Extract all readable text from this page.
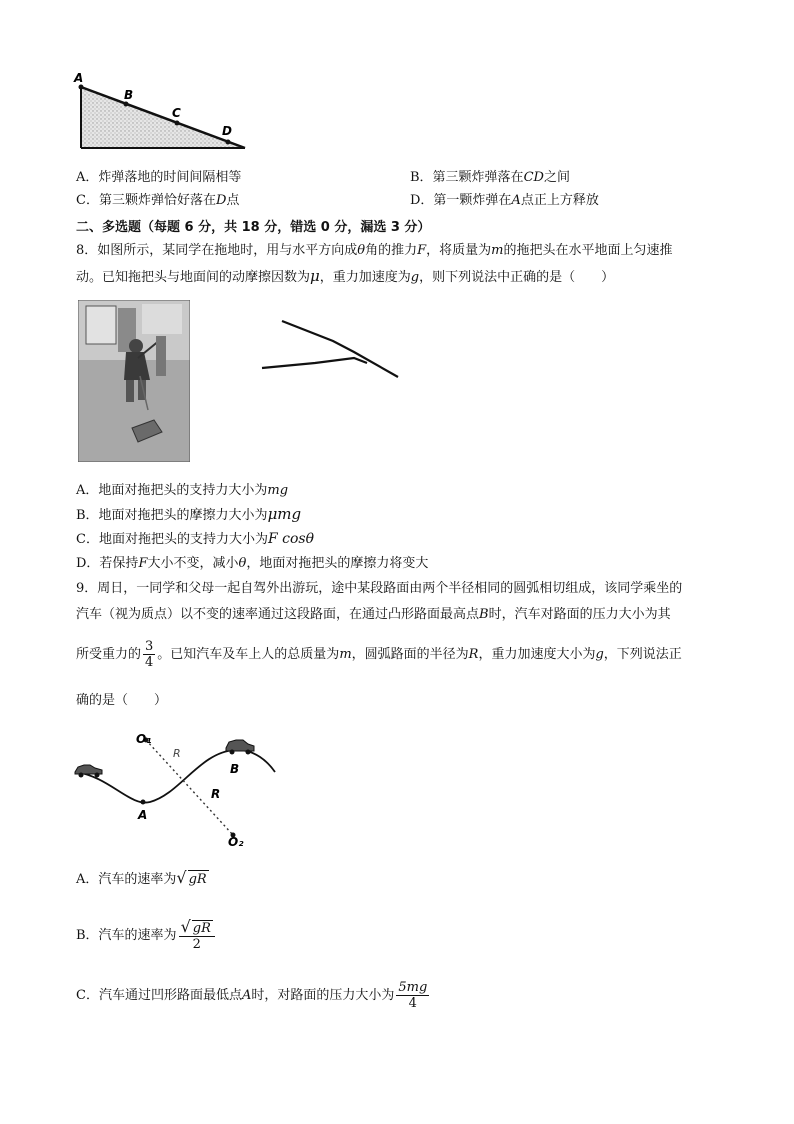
A
B
C
D
A．炸弹落地的时间间隔相等	B．第三颗炸弹落在CD之间
C．第三颗炸弹恰好落在D点	D．第一颗炸弹在A点正上方释放
二、多选题（每题 6 分，共 18 分，错选 0 分，漏选 3 分）
8．如图所示，某同学在拖地时，用与水平方向成θ角的推力F，将质量为m的拖把头在水平地面上匀速推
动。已知拖把头与地面间的动摩擦因数为μ，重力加速度为g，则下列说法中正确的是（　　）
A．地面对拖把头的支持力大小为mg
B．地面对拖把头的摩擦力大小为μmg
C．地面对拖把头的支持力大小为F cosθ
D．若保持F大小不变，减小θ，地面对拖把头的摩擦力将变大
9．周日，一同学和父母一起自驾外出游玩，途中某段路面由两个半径相同的圆弧相切组成，该同学乘坐的
汽车（视为质点）以不变的速率通过这段路面，在通过凸形路面最高点B时，汽车对路面的压力大小为其
所受重力的 $\frac{3}{4}$ 。已知汽车及车上人的总质量为m，圆弧路面的半径为R，重力加速度大小为g，下列说法正
确的是（　　）
O₁
R
R
A
B
O₂
A．汽车的速率为√ gR
B．汽车的速率为 $\frac{√ gR}{2}$
C．汽车通过凹形路面最低点A时，对路面的压力大小为 $\frac{5mg}{4}$
